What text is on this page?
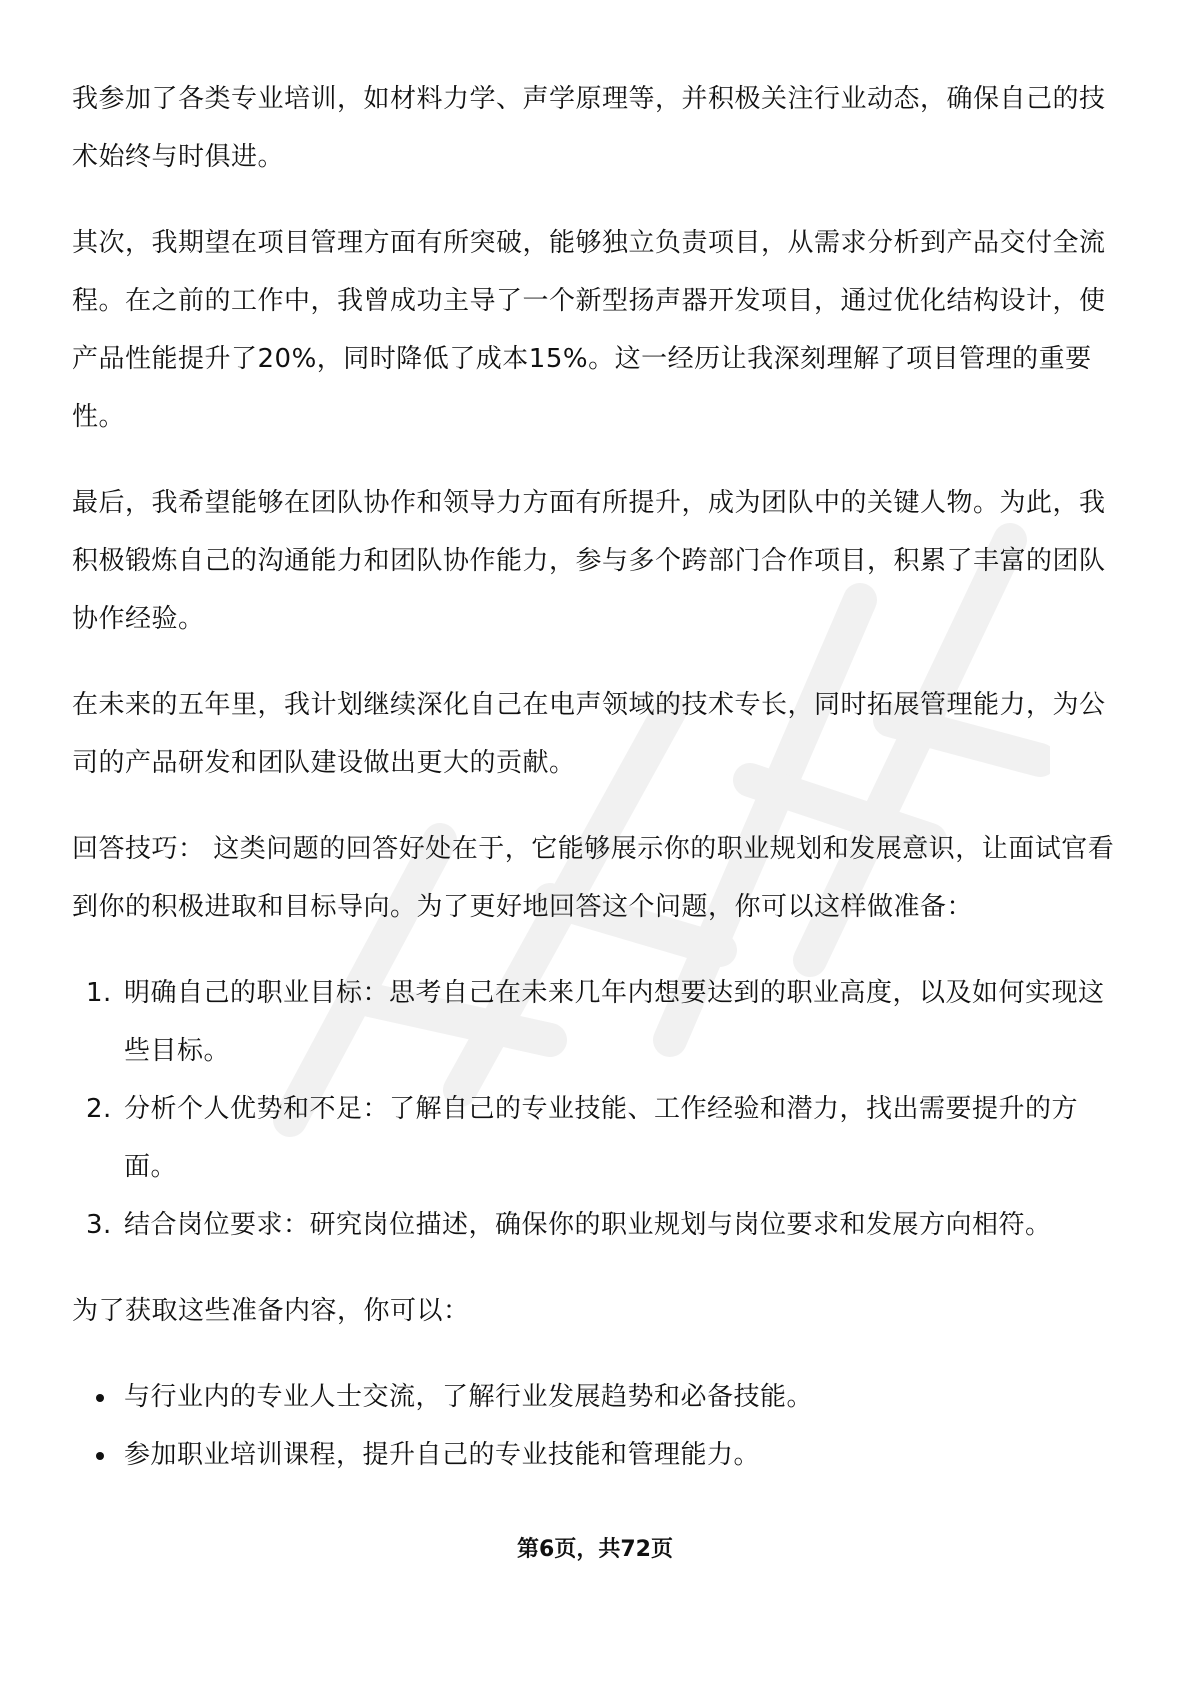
我参加了各类专业培训，如材料力学、声学原理等，并积极关注行业动态，确保自己的技术始终与时俱进。

其次，我期望在项目管理方面有所突破，能够独立负责项目，从需求分析到产品交付全流程。在之前的工作中，我曾成功主导了一个新型扬声器开发项目，通过优化结构设计，使产品性能提升了20%，同时降低了成本15%。这一经历让我深刻理解了项目管理的重要性。

最后，我希望能够在团队协作和领导力方面有所提升，成为团队中的关键人物。为此，我积极锻炼自己的沟通能力和团队协作能力，参与多个跨部门合作项目，积累了丰富的团队协作经验。

在未来的五年里，我计划继续深化自己在电声领域的技术专长，同时拓展管理能力，为公司的产品研发和团队建设做出更大的贡献。

回答技巧： 这类问题的回答好处在于，它能够展示你的职业规划和发展意识，让面试官看到你的积极进取和目标导向。为了更好地回答这个问题，你可以这样做准备：

1. 明确自己的职业目标：思考自己在未来几年内想要达到的职业高度，以及如何实现这些目标。
2. 分析个人优势和不足：了解自己的专业技能、工作经验和潜力，找出需要提升的方面。
3. 结合岗位要求：研究岗位描述，确保你的职业规划与岗位要求和发展方向相符。

为了获取这些准备内容，你可以：

与行业内的专业人士交流，了解行业发展趋势和必备技能。
参加职业培训课程，提升自己的专业技能和管理能力。
第6页，共72页
